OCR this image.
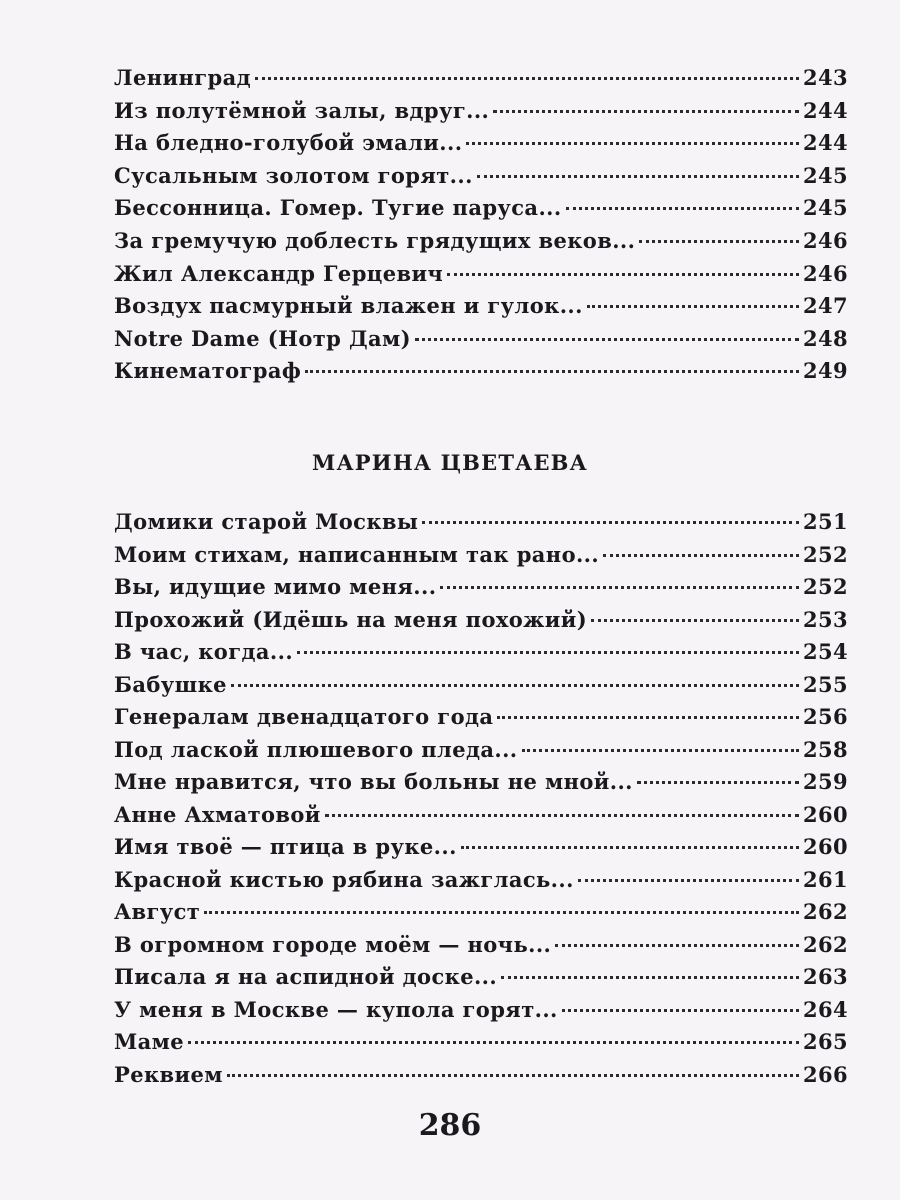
Ленинград	243
Из полутёмной залы, вдруг...	244
На бледно-голубой эмали...	244
Сусальным золотом горят...	245
Бессонница. Гомер. Тугие паруса...	245
За гремучую доблесть грядущих веков...	246
Жил Александр Герцевич	246
Воздух пасмурный влажен и гулок...	247
Notre Dame (Нотр Дам)	248
Кинематограф	249
МАРИНА ЦВЕТАЕВА
Домики старой Москвы	251
Моим стихам, написанным так рано...	252
Вы, идущие мимо меня...	252
Прохожий (Идёшь на меня похожий)	253
В час, когда...	254
Бабушке	255
Генералам двенадцатого года	256
Под лаской плюшевого пледа...	258
Мне нравится, что вы больны не мной...	259
Анне Ахматовой	260
Имя твоё — птица в руке...	260
Красной кистью рябина зажглась...	261
Август	262
В огромном городе моём — ночь...	262
Писала я на аспидной доске...	263
У меня в Москве — купола горят...	264
Маме	265
Реквием	266
286
